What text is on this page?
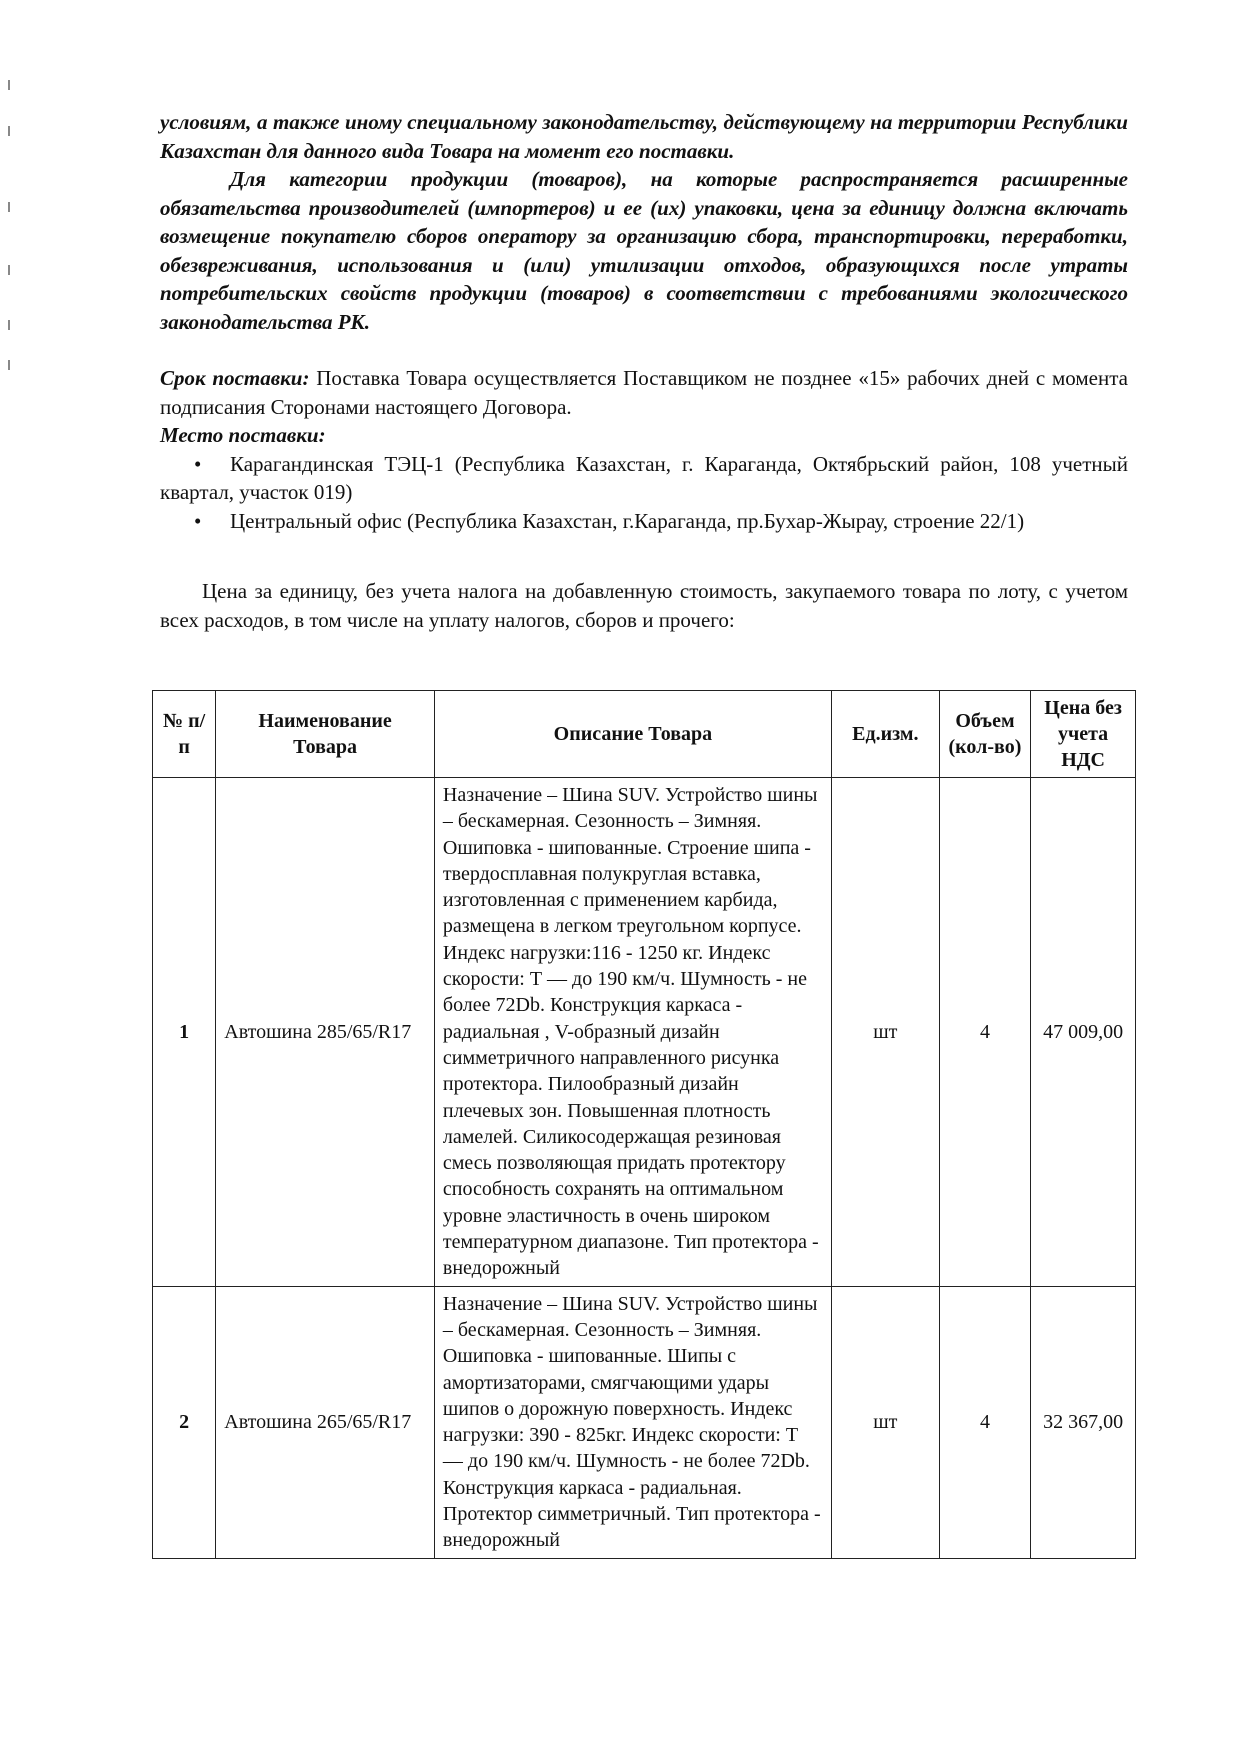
условиям, а также иному специальному законодательству, действующему на территории Республики Казахстан для данного вида Товара на момент его поставки.

Для категории продукции (товаров), на которые распространяется расширенные обязательства производителей (импортеров) и ее (их) упаковки, цена за единицу должна включать возмещение покупателю сборов оператору за организацию сбора, транспортировки, переработки, обезвреживания, использования и (или) утилизации отходов, образующихся после утраты потребительских свойств продукции (товаров) в соответствии с требованиями экологического законодательства РК.

Срок поставки: Поставка Товара осуществляется Поставщиком не позднее «15» рабочих дней с момента подписания Сторонами настоящего Договора.

Место поставки:

• Карагандинская ТЭЦ-1 (Республика Казахстан, г. Караганда, Октябрьский район, 108 учетный квартал, участок 019)
• Центральный офис (Республика Казахстан, г.Караганда, пр.Бухар-Жырау, строение 22/1)

Цена за единицу, без учета налога на добавленную стоимость, закупаемого товара по лоту, с учетом всех расходов, в том числе на уплату налогов, сборов и прочего:

№ п/п	Наименование Товара	Описание Товара	Ед.изм.	Объем (кол-во)	Цена без учета НДС
1	Автошина 285/65/R17	Назначение – Шина SUV. Устройство шины – бескамерная. Сезонность – Зимняя. Ошиповка - шипованные. Строение шипа - твердосплавная полукруглая вставка, изготовленная с применением карбида, размещена в легком треугольном корпусе. Индекс нагрузки:116 - 1250 кг. Индекс скорости: Т — до 190 км/ч. Шумность - не более 72Db. Конструкция каркаса - радиальная , V-образный дизайн симметричного направленного рисунка протектора. Пилообразный дизайн плечевых зон. Повышенная плотность ламелей. Силикосодержащая резиновая смесь позволяющая придать протектору способность сохранять на оптимальном уровне эластичность в очень широком температурном диапазоне. Тип протектора - внедорожный	шт	4	47 009,00
2	Автошина 265/65/R17	Назначение – Шина SUV. Устройство шины – бескамерная. Сезонность – Зимняя. Ошиповка - шипованные. Шипы с амортизаторами, смягчающими удары шипов о дорожную поверхность. Индекс нагрузки: 390 - 825кг. Индекс скорости: Т — до 190 км/ч. Шумность - не более 72Db. Конструкция каркаса - радиальная. Протектор симметричный. Тип протектора - внедорожный	шт	4	32 367,00
